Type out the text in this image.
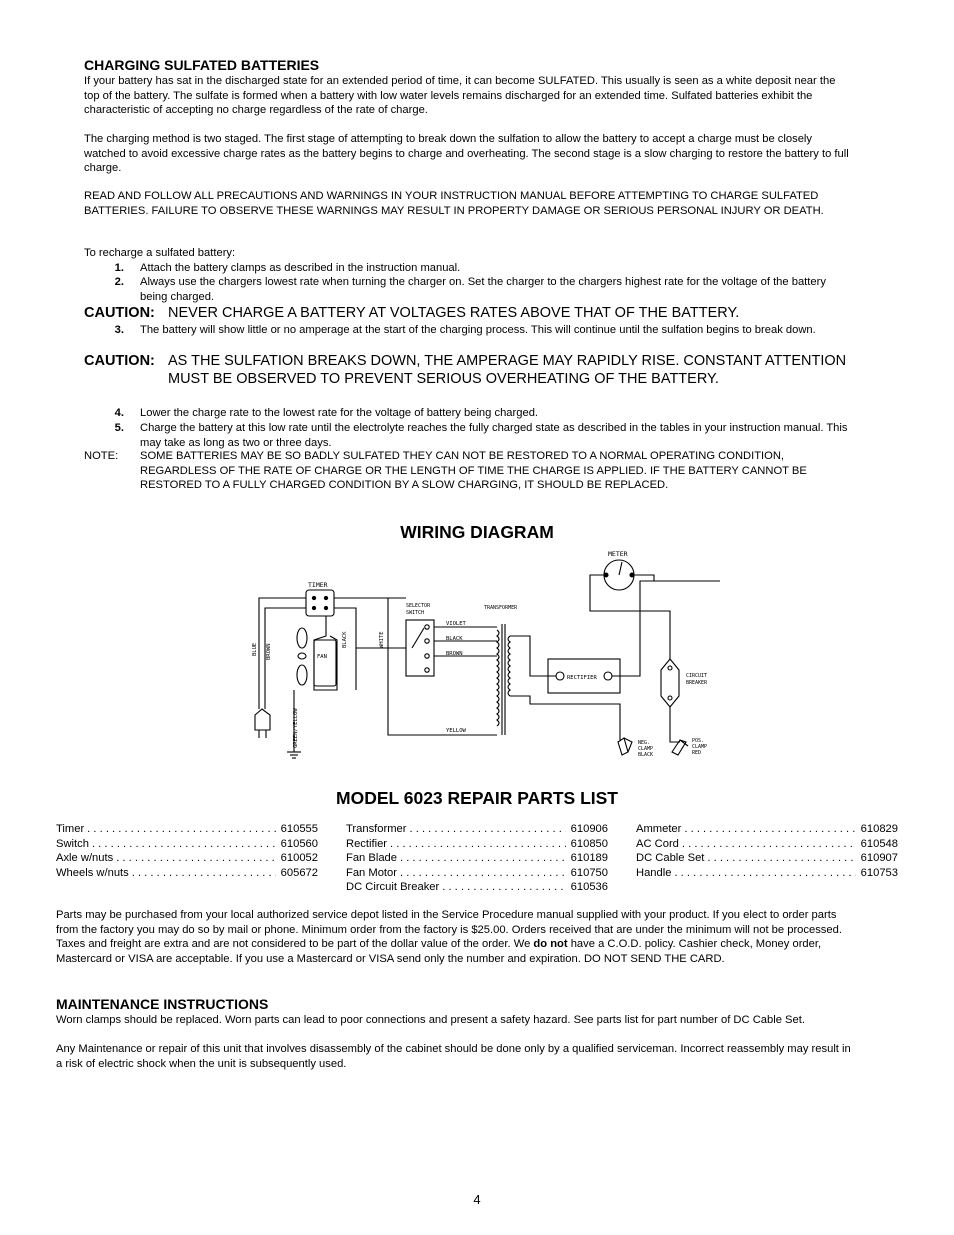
CHARGING SULFATED BATTERIES
If your battery has sat in the discharged state for an extended period of time, it can become SULFATED. This usually is seen as a white deposit near the top of the battery. The sulfate is formed when a battery with low water levels remains discharged for an extended time. Sulfated batteries exhibit the characteristic of accepting no charge regardless of the rate of charge.
The charging method is two staged. The first stage of attempting to break down the sulfation to allow the battery to accept a charge must be closely watched to avoid excessive charge rates as the battery begins to charge and overheating. The second stage is a slow charging to restore the battery to full charge.
READ AND FOLLOW ALL PRECAUTIONS AND WARNINGS IN YOUR INSTRUCTION MANUAL BEFORE ATTEMPTING TO CHARGE SULFATED BATTERIES. FAILURE TO OBSERVE THESE WARNINGS MAY RESULT IN PROPERTY DAMAGE OR SERIOUS PERSONAL INJURY OR DEATH.
To recharge a sulfated battery:
1. Attach the battery clamps as described in the instruction manual.
2. Always use the chargers lowest rate when turning the charger on. Set the charger to the chargers highest rate for the voltage of the battery being charged.
CAUTION: NEVER CHARGE A BATTERY AT VOLTAGES RATES ABOVE THAT OF THE BATTERY.
3. The battery will show little or no amperage at the start of the charging process. This will continue until the sulfation begins to break down.
CAUTION: AS THE SULFATION BREAKS DOWN, THE AMPERAGE MAY RAPIDLY RISE. CONSTANT ATTENTION MUST BE OBSERVED TO PREVENT SERIOUS OVERHEATING OF THE BATTERY.
4. Lower the charge rate to the lowest rate for the voltage of battery being charged.
5. Charge the battery at this low rate until the electrolyte reaches the fully charged state as described in the tables in your instruction manual. This may take as long as two or three days.
NOTE: SOME BATTERIES MAY BE SO BADLY SULFATED THEY CAN NOT BE RESTORED TO A NORMAL OPERATING CONDITION, REGARDLESS OF THE RATE OF CHARGE OR THE LENGTH OF TIME THE CHARGE IS APPLIED. IF THE BATTERY CANNOT BE RESTORED TO A FULLY CHARGED CONDITION BY A SLOW CHARGING, IT SHOULD BE REPLACED.
WIRING DIAGRAM
METER
TIMER
FAN
SELECTOR
SWITCH
TRANSFORMER
VIOLET
BLACK
BROWN
YELLOW
RECTIFIER	CIRCUIT
BREAKER
NEG.
CLAMP
BLACK
POS.
CLAMP
RED
BLUE BROWN
BLACK	WHITE
GREEN/YELLOW
MODEL 6023 REPAIR PARTS LIST
Timer . . .	610555
Switch . . .	610560
Axle w/nuts . . .	610052
Wheels w/nuts . . .	605672
Transformer . . .	610906
Rectifier . . .	610850
Fan Blade . . .	610189
Fan Motor . . .	610750
DC Circuit Breaker . . .	610536
Ammeter . . .	610829
AC Cord . . .	610548
DC Cable Set . . .	610907
Handle . . .	610753
Parts may be purchased from your local authorized service depot listed in the Service Procedure manual supplied with your product. If you elect to order parts from the factory you may do so by mail or phone. Minimum order from the factory is $25.00. Orders received that are under the minimum will not be processed. Taxes and freight are extra and are not considered to be part of the dollar value of the order. We do not have a C.O.D. policy. Cashier check, Money order, Mastercard or VISA are acceptable. If you use a Mastercard or VISA send only the number and expiration. DO NOT SEND THE CARD.
MAINTENANCE INSTRUCTIONS
Worn clamps should be replaced. Worn parts can lead to poor connections and present a safety hazard. See parts list for part number of DC Cable Set.
Any Maintenance or repair of this unit that involves disassembly of the cabinet should be done only by a qualified serviceman. Incorrect reassembly may result in a risk of electric shock when the unit is subsequently used.
4
